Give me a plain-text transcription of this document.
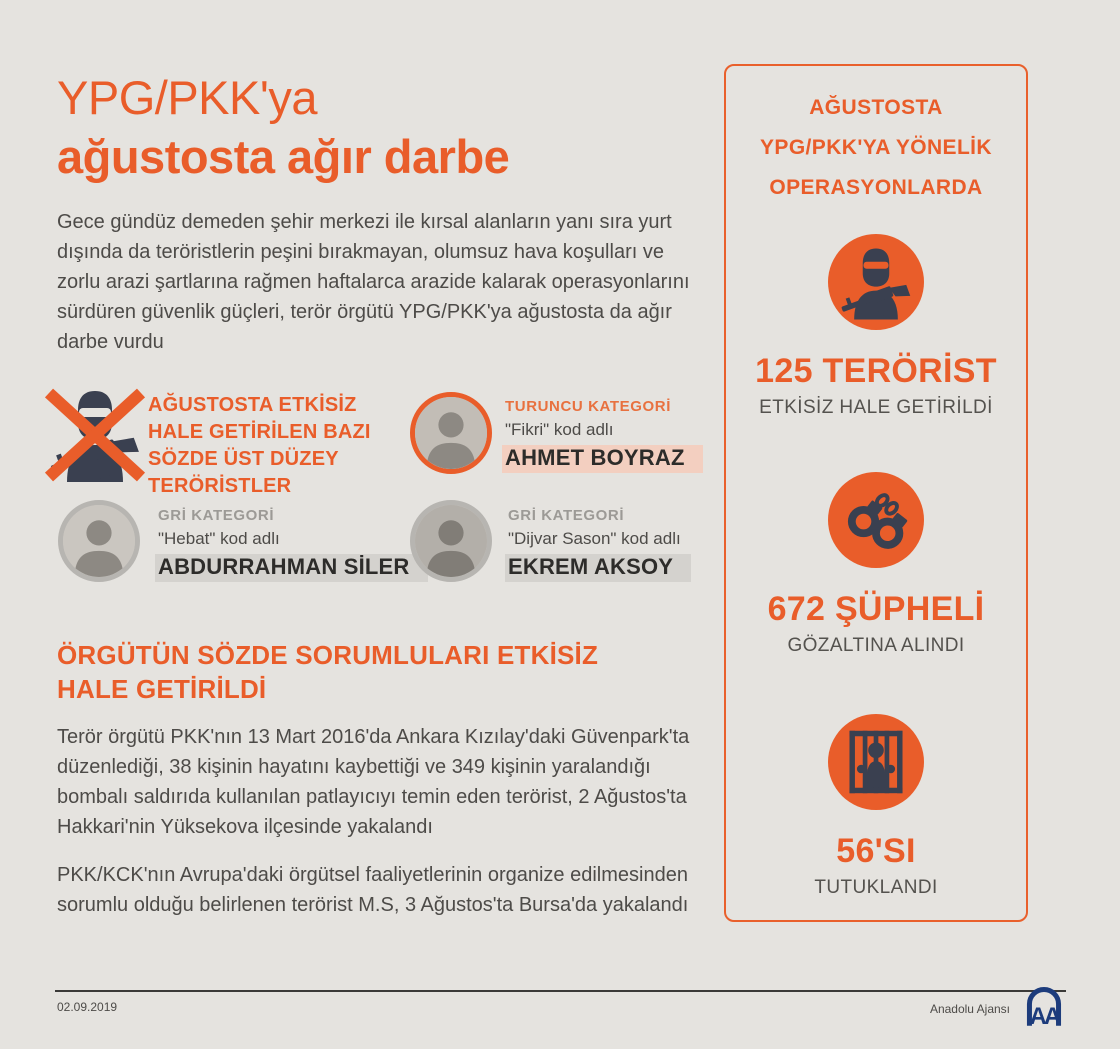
YPG/PKK'ya
ağustosta ağır darbe

Gece gündüz demeden şehir merkezi ile kırsal alanların yanı sıra yurt dışında da teröristlerin peşini bırakmayan, olumsuz hava koşulları ve zorlu arazi şartlarına rağmen haftalarca arazide kalarak operasyonlarını sürdüren güvenlik güçleri, terör örgütü YPG/PKK'ya ağustosta da ağır darbe vurdu

AĞUSTOSTA ETKİSİZ HALE GETİRİLEN BAZI SÖZDE ÜST DÜZEY TERÖRİSTLER
TURUNCU KATEGORİ
"Fikri" kod adlı
AHMET BOYRAZ
GRİ KATEGORİ
"Hebat" kod adlı
ABDURRAHMAN SİLER
GRİ KATEGORİ
"Dijvar Sason" kod adlı
EKREM AKSOY
ÖRGÜTÜN SÖZDE SORUMLULARI ETKİSİZ HALE GETİRİLDİ

Terör örgütü PKK'nın 13 Mart 2016'da Ankara Kızılay'daki Güvenpark'ta düzenlediği, 38 kişinin hayatını kaybettiği ve 349 kişinin yaralandığı bombalı saldırıda kullanılan patlayıcıyı temin eden terörist, 2 Ağustos'ta Hakkari'nin Yüksekova ilçesinde yakalandı

PKK/KCK'nın Avrupa'daki örgütsel faaliyetlerinin organize edilmesinden sorumlu olduğu belirlenen terörist M.S, 3 Ağustos'ta Bursa'da yakalandı

AĞUSTOSTA
YPG/PKK'YA YÖNELİK
OPERASYONLARDA
125 TERÖRİST
ETKİSİZ HALE GETİRİLDİ
672 ŞÜPHELİ
GÖZALTINA ALINDI
56'SI
TUTUKLANDI
02.09.2019	Anadolu Ajansı AA
